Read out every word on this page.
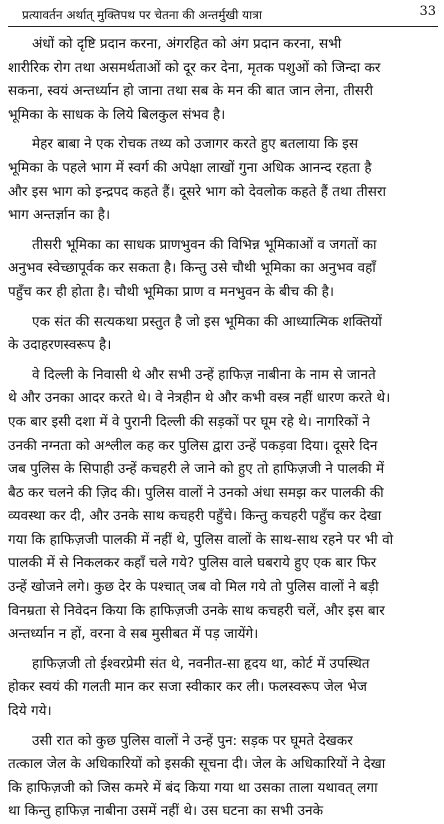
प्रत्यावर्तन अर्थात् मुक्तिपथ पर चेतना की अन्तर्मुखी यात्रा	33

अंधों को दृष्टि प्रदान करना, अंगरहित को अंग प्रदान करना, सभी
शारीरिक रोग तथा असमर्थताओं को दूर कर देना, मृतक पशुओं को जिन्दा कर
सकना, स्वयं अन्तर्ध्यान हो जाना तथा सब के मन की बात जान लेना, तीसरी
भूमिका के साधक के लिये बिलकुल संभव है।

मेहर बाबा ने एक रोचक तथ्य को उजागर करते हुए बतलाया कि इस
भूमिका के पहले भाग में स्वर्ग की अपेक्षा लाखों गुना अधिक आनन्द रहता है
और इस भाग को इन्द्रपद कहते हैं। दूसरे भाग को देवलोक कहते हैं तथा तीसरा
भाग अन्तर्ज्ञान का है।

तीसरी भूमिका का साधक प्राणभुवन की विभिन्न भूमिकाओं व जगतों का
अनुभव स्वेच्छापूर्वक कर सकता है। किन्तु उसे चौथी भूमिका का अनुभव वहाँ
पहुँच कर ही होता है। चौथी भूमिका प्राण व मनभुवन के बीच की है।

एक संत की सत्यकथा प्रस्तुत है जो इस भूमिका की आध्यात्मिक शक्तियों
के उदाहरणस्वरूप है।

वे दिल्ली के निवासी थे और सभी उन्हें हाफिज़ नाबीना के नाम से जानते
थे और उनका आदर करते थे। वे नेत्रहीन थे और कभी वस्त्र नहीं धारण करते थे।
एक बार इसी दशा में वे पुरानी दिल्ली की सड़कों पर घूम रहे थे। नागरिकों ने
उनकी नग्नता को अश्लील कह कर पुलिस द्वारा उन्हें पकड़वा दिया। दूसरे दिन
जब पुलिस के सिपाही उन्हें कचहरी ले जाने को हुए तो हाफिज़जी ने पालकी में
बैठ कर चलने की ज़िद की। पुलिस वालों ने उनको अंधा समझ कर पालकी की
व्यवस्था कर दी, और उनके साथ कचहरी पहुँचे। किन्तु कचहरी पहुँच कर देखा
गया कि हाफिज़जी पालकी में नहीं थे, पुलिस वालों के साथ-साथ रहने पर भी वो
पालकी में से निकलकर कहाँ चले गये? पुलिस वाले घबराये हुए एक बार फिर
उन्हें खोजने लगे। कुछ देर के पश्चात् जब वो मिल गये तो पुलिस वालों ने बड़ी
विनम्रता से निवेदन किया कि हाफिज़जी उनके साथ कचहरी चलें, और इस बार
अन्तर्ध्यान न हों, वरना वे सब मुसीबत में पड़ जायेंगे।

हाफिज़जी तो ईश्वरप्रेमी संत थे, नवनीत-सा हृदय था, कोर्ट में उपस्थित
होकर स्वयं की गलती मान कर सजा स्वीकार कर ली। फलस्वरूप जेल भेज
दिये गये।

उसी रात को कुछ पुलिस वालों ने उन्हें पुन: सड़क पर घूमते देखकर
तत्काल जेल के अधिकारियों को इसकी सूचना दी। जेल के अधिकारियों ने देखा
कि हाफिज़जी को जिस कमरे में बंद किया गया था उसका ताला यथावत् लगा
था किन्तु हाफिज़ नाबीना उसमें नहीं थे। उस घटना का सभी उनके
